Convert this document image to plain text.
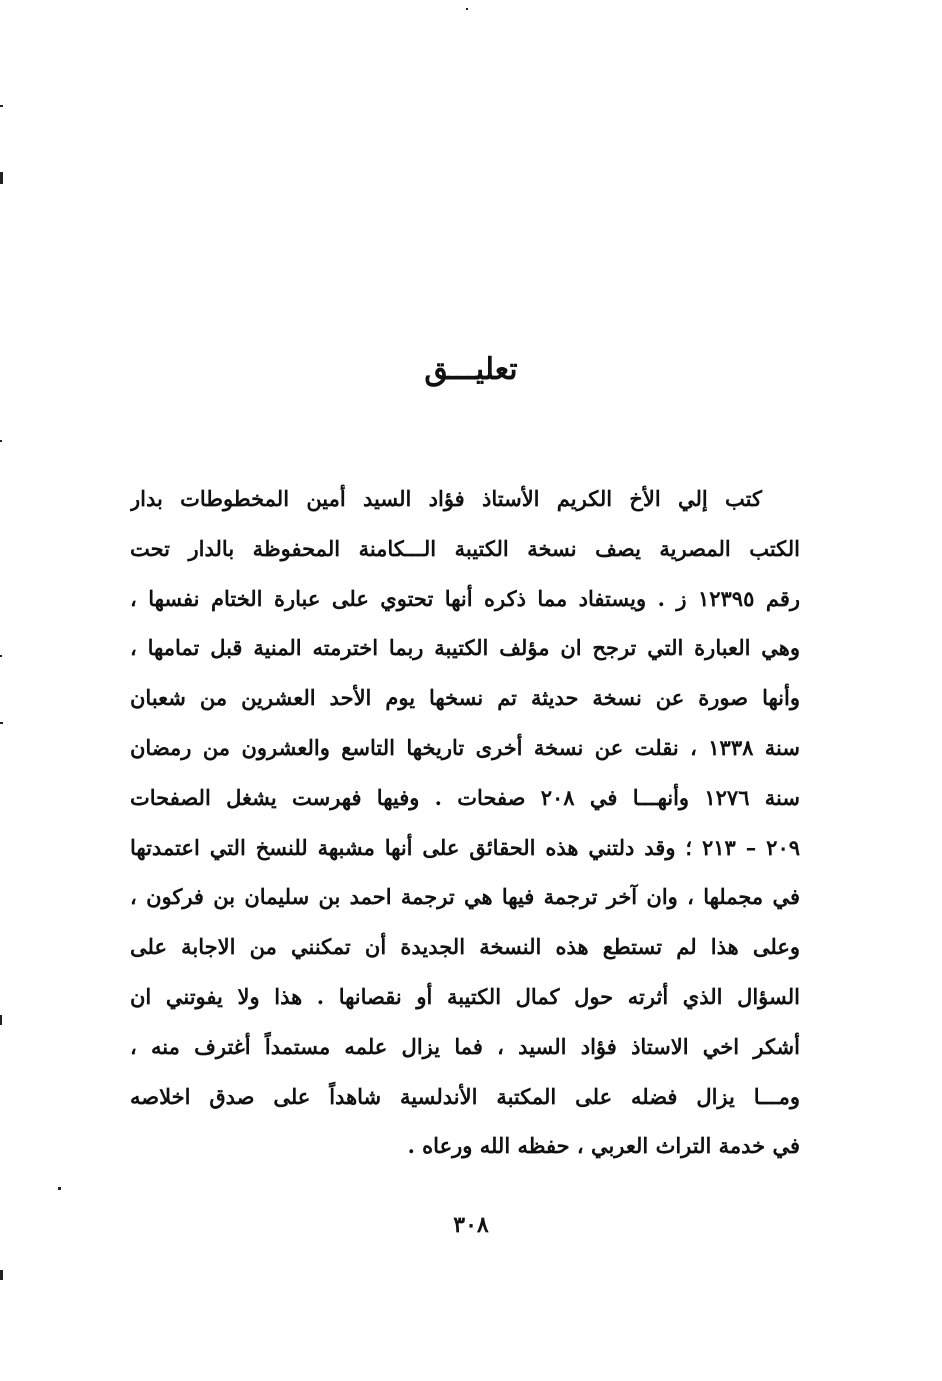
تعليـــق
كتب إلي الأخ الكريم الأستاذ فؤاد السيد أمين المخطوطات بدار
الكتب المصرية يصف نسخة الكتيبة الـــكامنة المحفوظة بالدار تحت
رقم ١٢٣٩٥ ز . ويستفاد مما ذكره أنها تحتوي على عبارة الختام نفسها ،
وهي العبارة التي ترجح ان مؤلف الكتيبة ربما اخترمته المنية قبل تمامها ،
وأنها صورة عن نسخة حديثة تم نسخها يوم الأحد العشرين من شعبان
سنة ١٣٣٨ ، نقلت عن نسخة أخرى تاريخها التاسع والعشرون من رمضان
سنة ١٢٧٦ وأنهـــا في ٢٠٨ صفحات . وفيها فهرست يشغل الصفحات
٢٠٩ – ٢١٣ ؛ وقد دلتني هذه الحقائق على أنها مشبهة للنسخ التي اعتمدتها
في مجملها ، وان آخر ترجمة فيها هي ترجمة احمد بن سليمان بن فركون ،
وعلى هذا لم تستطع هذه النسخة الجديدة أن تمكنني من الاجابة على
السؤال الذي أثرته حول كمال الكتيبة أو نقصانها . هذا ولا يفوتني ان
أشكر اخي الاستاذ فؤاد السيد ، فما يزال علمه مستمداً أغترف منه ،
ومـــا يزال فضله على المكتبة الأندلسية شاهداً على صدق اخلاصه
في خدمة التراث العربي ، حفظه الله ورعاه .
٣٠٨
